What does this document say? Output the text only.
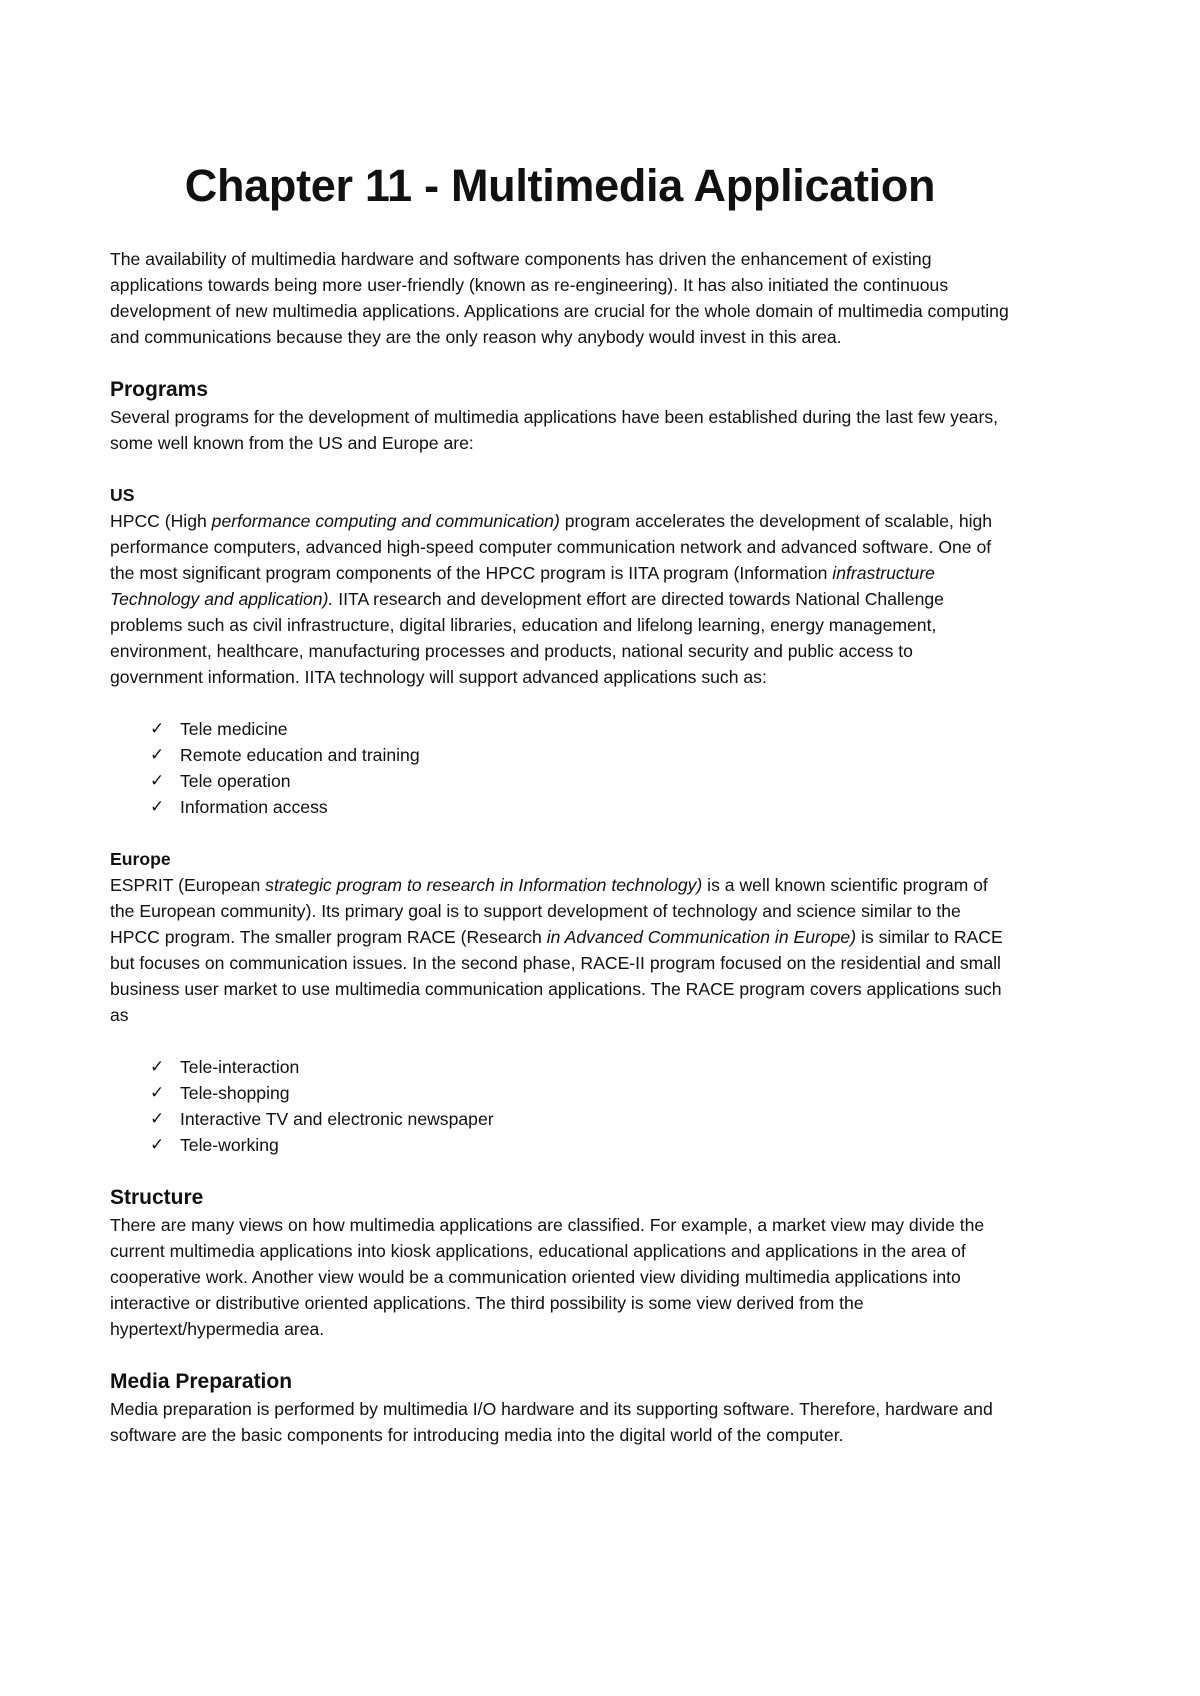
Chapter 11 - Multimedia Application

The availability of multimedia hardware and software components has driven the enhancement of existing applications towards being more user-friendly (known as re-engineering). It has also initiated the continuous development of new multimedia applications. Applications are crucial for the whole domain of multimedia computing and communications because they are the only reason why anybody would invest in this area.

Programs

Several programs for the development of multimedia applications have been established during the last few years, some well known from the US and Europe are:

US

HPCC (High performance computing and communication) program accelerates the development of scalable, high performance computers, advanced high-speed computer communication network and advanced software. One of the most significant program components of the HPCC program is IITA program (Information infrastructure Technology and application). IITA research and development effort are directed towards National Challenge problems such as civil infrastructure, digital libraries, education and lifelong learning, energy management, environment, healthcare, manufacturing processes and products, national security and public access to government information. IITA technology will support advanced applications such as:

✓ Tele medicine
✓ Remote education and training
✓ Tele operation
✓ Information access
Europe

ESPRIT (European strategic program to research in Information technology) is a well known scientific program of the European community). Its primary goal is to support development of technology and science similar to the HPCC program. The smaller program RACE (Research in Advanced Communication in Europe) is similar to RACE but focuses on communication issues. In the second phase, RACE-II program focused on the residential and small business user market to use multimedia communication applications. The RACE program covers applications such as

✓ Tele-interaction
✓ Tele-shopping
✓ Interactive TV and electronic newspaper
✓ Tele-working
Structure

There are many views on how multimedia applications are classified. For example, a market view may divide the current multimedia applications into kiosk applications, educational applications and applications in the area of cooperative work. Another view would be a communication oriented view dividing multimedia applications into interactive or distributive oriented applications. The third possibility is some view derived from the hypertext/hypermedia area.

Media Preparation

Media preparation is performed by multimedia I/O hardware and its supporting software. Therefore, hardware and software are the basic components for introducing media into the digital world of the computer.
